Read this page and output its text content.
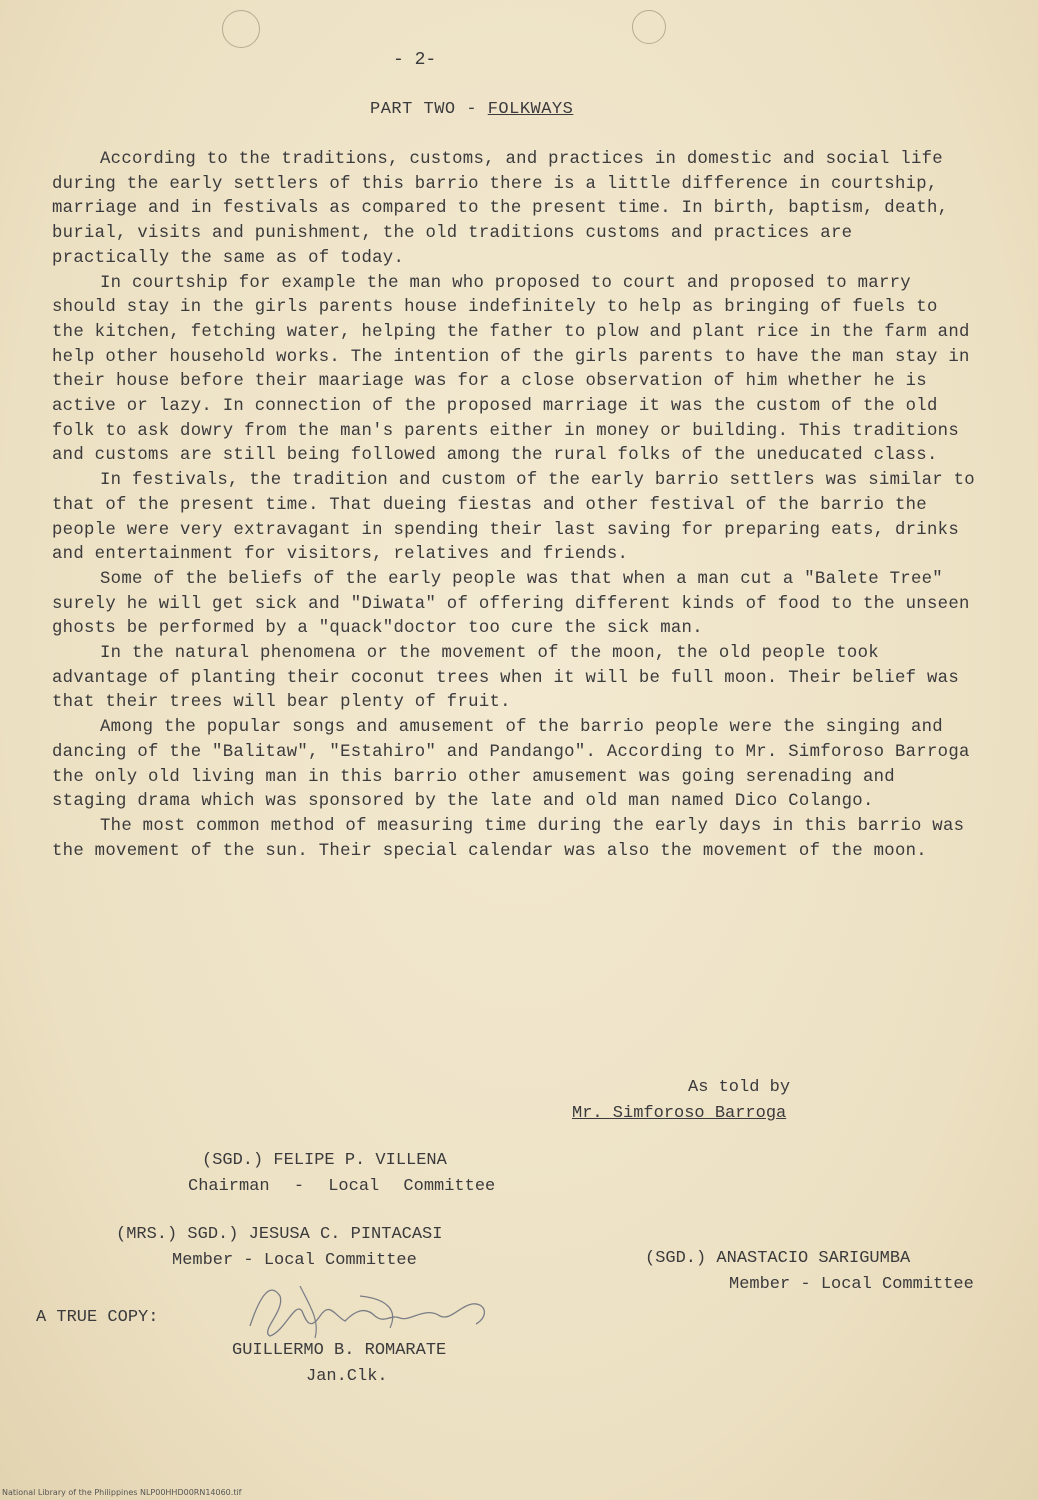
- 2-
PART TWO - FOLKWAYS

According to the traditions, customs, and practices in domestic and social life during the early settlers of this barrio there is a little difference in courtship, marriage and in festivals as compared to the present time. In birth, baptism, death, burial, visits and punishment, the old traditions customs and practices are practically the same as of today.

In courtship for example the man who proposed to court and proposed to marry should stay in the girls parents house indefinitely to help as bringing of fuels to the kitchen, fetching water, helping the father to plow and plant rice in the farm and help other household works. The intention of the girls parents to have the man stay in their house before their maariage was for a close observation of him whether he is active or lazy. In connection of the proposed marriage it was the custom of the old folk to ask dowry from the man's parents either in money or building. This traditions and customs are still being followed among the rural folks of the uneducated class.

In festivals, the tradition and custom of the early barrio settlers was similar to that of the present time. That dueing fiestas and other festival of the barrio the people were very extravagant in spending their last saving for preparing eats, drinks and entertainment for visitors, relatives and friends.

Some of the beliefs of the early people was that when a man cut a "Balete Tree" surely he will get sick and "Diwata" of offering different kinds of food to the unseen ghosts be performed by a "quack"doctor too cure the sick man.

In the natural phenomena or the movement of the moon, the old people took advantage of planting their coconut trees when it will be full moon. Their belief was that their trees will bear plenty of fruit.

Among the popular songs and amusement of the barrio people were the singing and dancing of the "Balitaw", "Estahiro" and Pandango". According to Mr. Simforoso Barroga the only old living man in this barrio other amusement was going serenading and staging drama which was sponsored by the late and old man named Dico Colango.

The most common method of measuring time during the early days in this barrio was the movement of the sun. Their special calendar was also the movement of the moon.

As told by
Mr. Simforoso Barroga
(SGD.) FELIPE P. VILLENA
Chairman - Local Committee
(MRS.) SGD.) JESUSA C. PINTACASI
Member - Local Committee	(SGD.) ANASTACIO SARIGUMBA
Member - Local Committee
A TRUE COPY:
GUILLERMO B. ROMARATE
Jan.Clk.
National Library of the Philippines NLP00HHD00RN14060.tif
